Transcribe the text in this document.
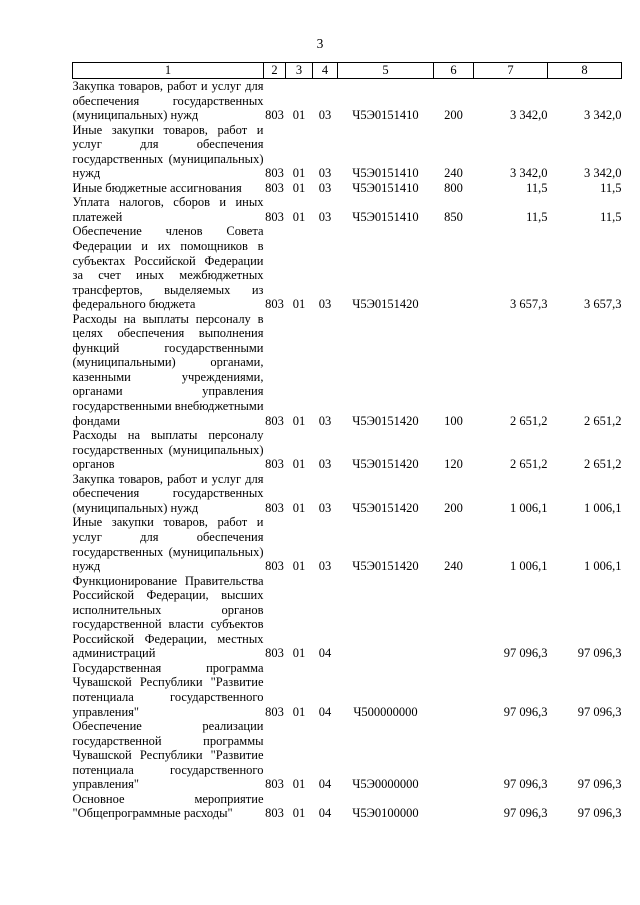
3
1	2	3	4	5	6	7	8
Закупка товаров, работ и услуг для обеспечения государственных (муниципальных) нужд	803	01	03	Ч5Э0151410	200	3 342,0	3 342,0
Иные закупки товаров, работ и услуг для обеспечения государственных (муниципальных) нужд	803	01	03	Ч5Э0151410	240	3 342,0	3 342,0
Иные бюджетные ассигнования	803	01	03	Ч5Э0151410	800	11,5	11,5
Уплата налогов, сборов и иных платежей	803	01	03	Ч5Э0151410	850	11,5	11,5
Обеспечение членов Совета Федерации и их помощников в субъектах Российской Федерации за счет иных межбюджетных трансфертов, выделяемых из федерального бюджета	803	01	03	Ч5Э0151420		3 657,3	3 657,3
Расходы на выплаты персоналу в целях обеспечения выполнения функций государственными (муниципальными) органами, казенными учреждениями, органами управления государственными внебюджетными фондами	803	01	03	Ч5Э0151420	100	2 651,2	2 651,2
Расходы на выплаты персоналу государственных (муниципальных) органов	803	01	03	Ч5Э0151420	120	2 651,2	2 651,2
Закупка товаров, работ и услуг для обеспечения государственных (муниципальных) нужд	803	01	03	Ч5Э0151420	200	1 006,1	1 006,1
Иные закупки товаров, работ и услуг для обеспечения государственных (муниципальных) нужд	803	01	03	Ч5Э0151420	240	1 006,1	1 006,1
Функционирование Правительства Российской Федерации, высших исполнительных органов государственной власти субъектов Российской Федерации, местных администраций	803	01	04			97 096,3	97 096,3
Государственная программа Чувашской Республики "Развитие потенциала государственного управления"	803	01	04	Ч500000000		97 096,3	97 096,3
Обеспечение реализации государственной программы Чувашской Республики "Развитие потенциала государственного управления"	803	01	04	Ч5Э0000000		97 096,3	97 096,3
Основное мероприятие "Общепрограммные расходы"	803	01	04	Ч5Э0100000		97 096,3	97 096,3
